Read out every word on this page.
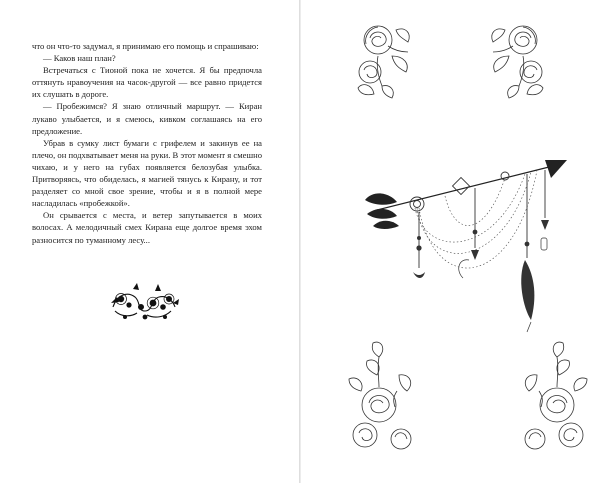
что он что-то задумал, я принимаю его помощь и спрашиваю:

— Каков наш план?

Встречаться с Тионой пока не хочется. Я бы предпочла оттянуть нравоучения на часок-другой — все равно придется их слушать в дороге.

— Пробежимся? Я знаю отличный маршрут. — Киран лукаво улыбается, и я смеюсь, кивком соглашаясь на его предложение.

Убрав в сумку лист бумаги с грифелем и закинув ее на плечо, он подхватывает меня на руки. В этот момент я смешно чихаю, и у него на губах появляется белозубая улыбка. Притворяясь, что обиделась, я магией тянусь к Кирану, и тот разделяет со мной свое зрение, чтобы и я в полной мере насладилась «пробежкой».

Он срывается с места, и ветер запутывается в моих волосах. А мелодичный смех Кирана еще долгое время эхом разносится по туманному лесу...
